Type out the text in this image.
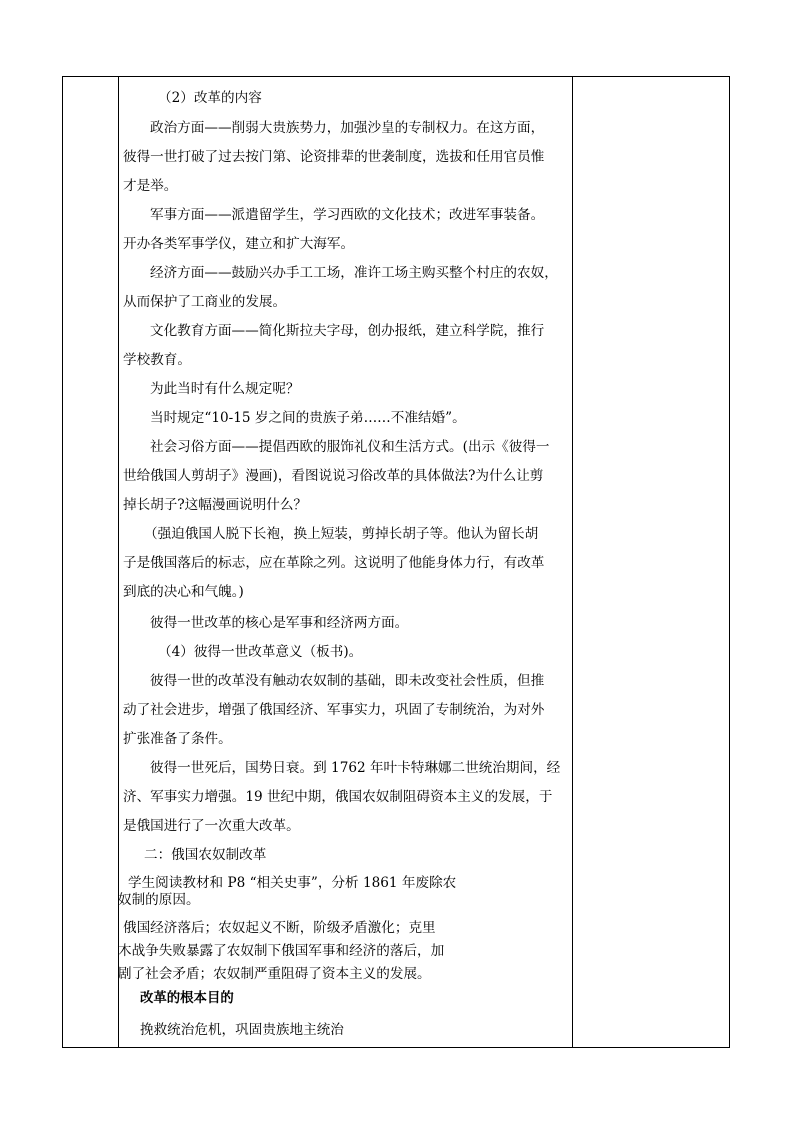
（2）改革的内容
政治方面——削弱大贵族势力，加强沙皇的专制权力。在这方面，
彼得一世打破了过去按门第、论资排辈的世袭制度，选拔和任用官员惟
才是举。
军事方面——派遣留学生，学习西欧的文化技术；改进军事装备。
开办各类军事学仪，建立和扩大海军。
经济方面——鼓励兴办手工工场，准许工场主购买整个村庄的农奴，
从而保护了工商业的发展。
文化教育方面——简化斯拉夫字母，创办报纸，建立科学院，推行
学校教育。
为此当时有什么规定呢？
当时规定“10-15 岁之间的贵族子弟……不准结婚”。
社会习俗方面——提倡西欧的服饰礼仪和生活方式。(出示《彼得一
世给俄国人剪胡子》漫画)，看图说说习俗改革的具体做法?为什么让剪
掉长胡子?这幅漫画说明什么？
（强迫俄国人脱下长袍，换上短装，剪掉长胡子等。他认为留长胡
子是俄国落后的标志，应在革除之列。这说明了他能身体力行，有改革
到底的决心和气魄。)
彼得一世改革的核心是军事和经济两方面。
（4）彼得一世改革意义（板书)。
彼得一世的改革没有触动农奴制的基础，即未改变社会性质，但推
动了社会进步，增强了俄国经济、军事实力，巩固了专制统治，为对外
扩张准备了条件。
彼得一世死后，国势日衰。到 1762 年叶卡特琳娜二世统治期间，经
济、军事实力增强。19 世纪中期，俄国农奴制阻碍资本主义的发展，于
是俄国进行了一次重大改革。
二：俄国农奴制改革
学生阅读教材和 P8 “相关史事”，分析 1861 年废除农
奴制的原因。
俄国经济落后；农奴起义不断，阶级矛盾激化；克里
木战争失败暴露了农奴制下俄国军事和经济的落后，加
剧了社会矛盾；农奴制严重阻碍了资本主义的发展。
改革的根本目的
挽救统治危机，巩固贵族地主统治
